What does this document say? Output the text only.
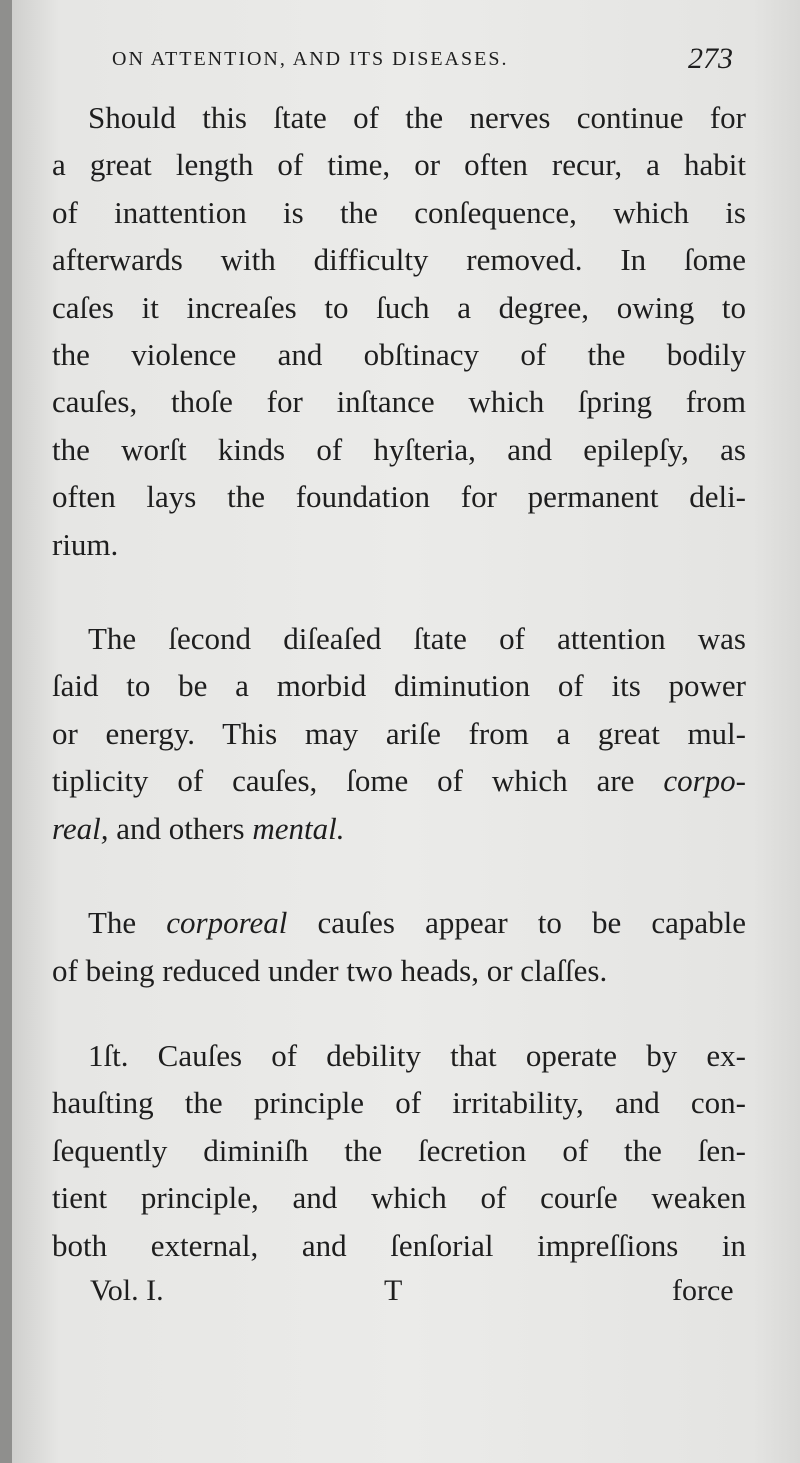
ON ATTENTION, AND ITS DISEASES.	273

Should this ſtate of the nerves continue for
a great length of time, or often recur, a habit
of inattention is the conſequence, which is
afterwards with difficulty removed. In ſome
caſes it increaſes to ſuch a degree, owing to
the violence and obſtinacy of the bodily
cauſes, thoſe for inſtance which ſpring from
the worſt kinds of hyſteria, and epilepſy, as
often lays the foundation for permanent deli-
rium.

The ſecond diſeaſed ſtate of attention was
ſaid to be a morbid diminution of its power
or energy. This may ariſe from a great mul-
tiplicity of cauſes, ſome of which are corpo-
real, and others mental.

The corporeal cauſes appear to be capable
of being reduced under two heads, or claſſes.

1ſt. Cauſes of debility that operate by ex-
hauſting the principle of irritability, and con-
ſequently diminiſh the ſecretion of the ſen-
tient principle, and which of courſe weaken
both external, and ſenſorial impreſſions in

Vol. I.	T	force
